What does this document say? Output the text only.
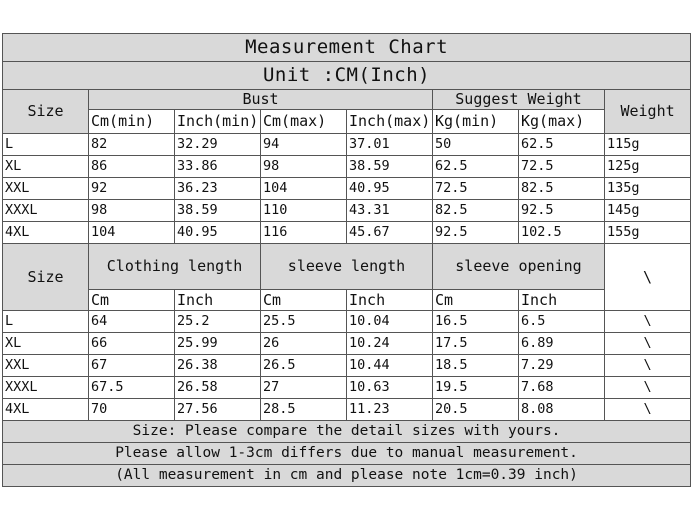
Measurement Chart							
Unit :CM(Inch)							
Size	Bust				Suggest Weight		Weight
	Cm(min)	Inch(min)	Cm(max)	Inch(max)	Kg(min)	Kg(max)	
L	82	32.29	94	37.01	50	62.5	115g
XL	86	33.86	98	38.59	62.5	72.5	125g
XXL	92	36.23	104	40.95	72.5	82.5	135g
XXXL	98	38.59	110	43.31	82.5	92.5	145g
4XL	104	40.95	116	45.67	92.5	102.5	155g
Size	Clothing length		sleeve length		sleeve opening		\
	Cm	Inch	Cm	Inch	Cm	Inch	
L	64	25.2	25.5	10.04	16.5	6.5	\
XL	66	25.99	26	10.24	17.5	6.89	\
XXL	67	26.38	26.5	10.44	18.5	7.29	\
XXXL	67.5	26.58	27	10.63	19.5	7.68	\
4XL	70	27.56	28.5	11.23	20.5	8.08	\
Size: Please compare the detail sizes with yours.							
Please allow 1-3cm differs due to manual measurement.							
(All measurement in cm and please note 1cm=0.39 inch)							
